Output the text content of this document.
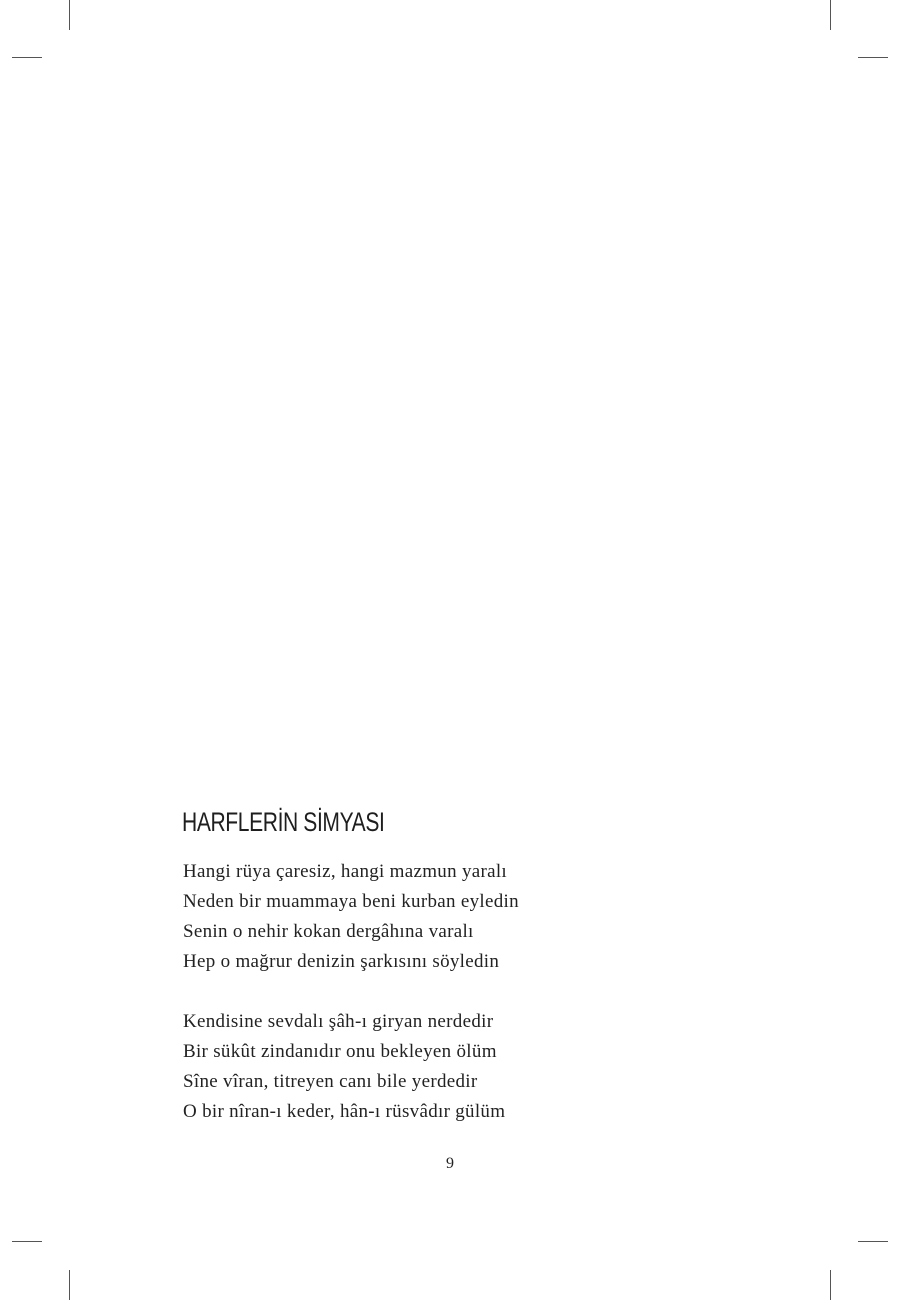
HARFLERİN SİMYASI
Hangi rüya çaresiz, hangi mazmun yaralı
Neden bir muammaya beni kurban eyledin
Senin o nehir kokan dergâhına varalı
Hep o mağrur denizin şarkısını söyledin
Kendisine sevdalı şâh-ı giryan nerdedir
Bir sükût zindanıdır onu bekleyen ölüm
Sîne vîran, titreyen canı bile yerdedir
O bir nîran-ı keder, hân-ı rüsvâdır gülüm
9
